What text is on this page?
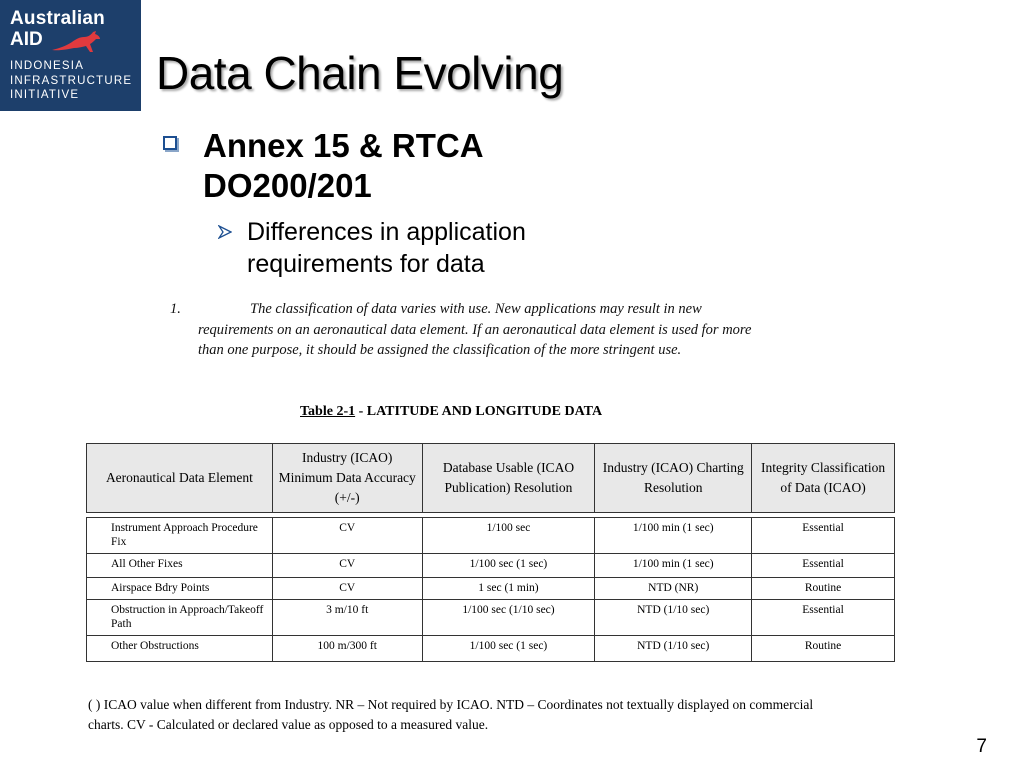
Australian
AID
INDONESIA
INFRASTRUCTURE
INITIATIVE	Data Chain Evolving
Annex 15 & RTCA DO200/201
Differences in application requirements for data
1.	The classification of data varies with use. New applications may result in new requirements on an aeronautical data element. If an aeronautical data element is used for more than one purpose, it should be assigned the classification of the more stringent use.
Table 2-1 - LATITUDE AND LONGITUDE DATA
Aeronautical Data Element	Industry (ICAO) Minimum Data Accuracy (+/-)	Database Usable (ICAO Publication) Resolution	Industry (ICAO) Charting Resolution	Integrity Classification of Data (ICAO)

Instrument Approach Procedure Fix	CV	1/100 sec	1/100 min (1 sec)	Essential
All Other Fixes	CV	1/100 sec (1 sec)	1/100 min (1 sec)	Essential
Airspace Bdry Points	CV	1 sec (1 min)	NTD (NR)	Routine
Obstruction in Approach/Takeoff Path	3 m/10 ft	1/100 sec (1/10 sec)	NTD (1/10 sec)	Essential
Other Obstructions	100 m/300 ft	1/100 sec (1 sec)	NTD (1/10 sec)	Routine
( ) ICAO value when different from Industry. NR – Not required by ICAO. NTD – Coordinates not textually displayed on commercial charts. CV - Calculated or declared value as opposed to a measured value.
7
